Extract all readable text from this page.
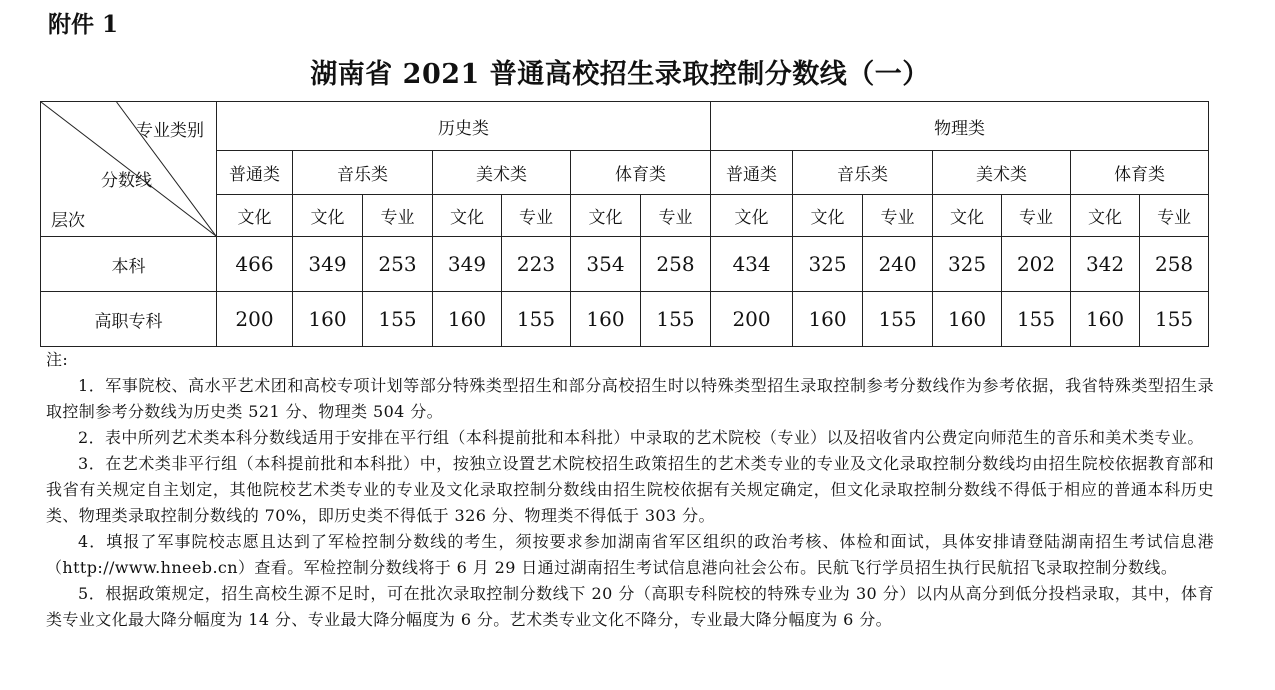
附件 1
湖南省 2021 普通高校招生录取控制分数线（一）
专业类别
分数线
层次	历史类							物理类						
	普通类	音乐类		美术类		体育类		普通类	音乐类		美术类		体育类	
	文化	文化	专业	文化	专业	文化	专业	文化	文化	专业	文化	专业	文化	专业
本科	466	349	253	349	223	354	258	434	325	240	325	202	342	258
高职专科	200	160	155	160	155	160	155	200	160	155	160	155	160	155

注:

1．军事院校、高水平艺术团和高校专项计划等部分特殊类型招生和部分高校招生时以特殊类型招生录取控制参考分数线作为参考依据，我省特殊类型招生录取控制参考分数线为历史类 521 分、物理类 504 分。

2．表中所列艺术类本科分数线适用于安排在平行组（本科提前批和本科批）中录取的艺术院校（专业）以及招收省内公费定向师范生的音乐和美术类专业。

3．在艺术类非平行组（本科提前批和本科批）中，按独立设置艺术院校招生政策招生的艺术类专业的专业及文化录取控制分数线均由招生院校依据教育部和我省有关规定自主划定，其他院校艺术类专业的专业及文化录取控制分数线由招生院校依据有关规定确定，但文化录取控制分数线不得低于相应的普通本科历史类、物理类录取控制分数线的 70%，即历史类不得低于 326 分、物理类不得低于 303 分。

4．填报了军事院校志愿且达到了军检控制分数线的考生，须按要求参加湖南省军区组织的政治考核、体检和面试，具体安排请登陆湖南招生考试信息港（http://www.hneeb.cn）查看。军检控制分数线将于 6 月 29 日通过湖南招生考试信息港向社会公布。民航飞行学员招生执行民航招飞录取控制分数线。

5．根据政策规定，招生高校生源不足时，可在批次录取控制分数线下 20 分（高职专科院校的特殊专业为 30 分）以内从高分到低分投档录取，其中，体育类专业文化最大降分幅度为 14 分、专业最大降分幅度为 6 分。艺术类专业文化不降分，专业最大降分幅度为 6 分。
